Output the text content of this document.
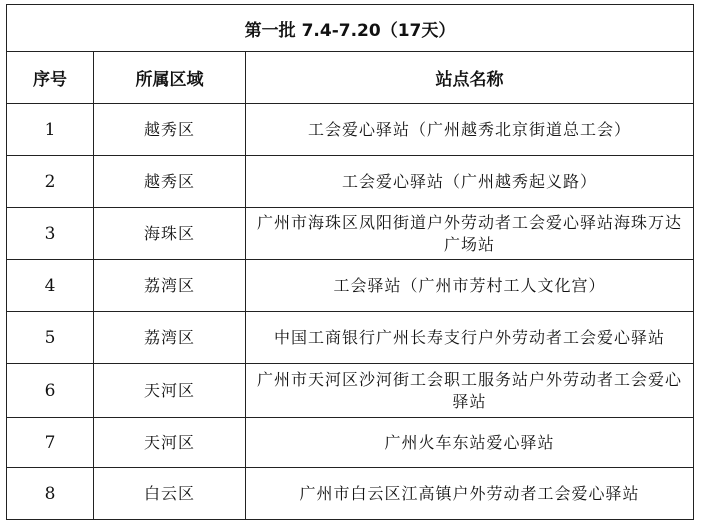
第一批 7.4-7.20（17天）		
序号	所属区域	站点名称
1	越秀区	工会爱心驿站（广州越秀北京街道总工会）
2	越秀区	工会爱心驿站（广州越秀起义路）
3	海珠区	广州市海珠区凤阳街道户外劳动者工会爱心驿站海珠万达广场站
4	荔湾区	工会驿站（广州市芳村工人文化宫）
5	荔湾区	中国工商银行广州长寿支行户外劳动者工会爱心驿站
6	天河区	广州市天河区沙河街工会职工服务站户外劳动者工会爱心驿站
7	天河区	广州火车东站爱心驿站
8	白云区	广州市白云区江高镇户外劳动者工会爱心驿站
